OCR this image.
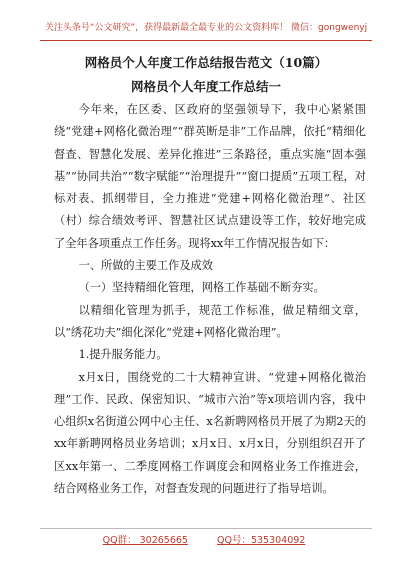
关注头条号“公文研究”，获得最新最全最专业的公文资料库！ 微信：gongwenyj
网格员个人年度工作总结报告范文（10篇）
网格员个人年度工作总结一

今年来，在区委、区政府的坚强领导下，我中心紧紧围绕“党建+网格化微治理”“群英断是非”工作品牌，依托“精细化督查、智慧化发展、差异化推进”三条路径，重点实施“固本强基”“协同共治”“数字赋能”“治理提升”“窗口提质”五项工程，对标对表、抓纲带目，全力推进“党建+网格化微治理”、社区（村）综合绩效考评、智慧社区试点建设等工作，较好地完成了全年各项重点工作任务。现将xx年工作情况报告如下：

一、所做的主要工作及成效

（一）坚持精细化管理，网格工作基础不断夯实。

以精细化管理为抓手，规范工作标准，做足精细文章，以“绣花功夫”细化深化“党建+网格化微治理”。

1.提升服务能力。

x月x日，围绕党的二十大精神宣讲、“党建+网格化微治理”工作、民政、保密知识、“城市六治”等x项培训内容，我中心组织x名街道公网中心主任、x名新聘网格员开展了为期2天的xx年新聘网格员业务培训；x月x日、x月x日，分别组织召开了区xx年第一、二季度网格工作调度会和网格业务工作推进会，结合网格业务工作，对督查发现的问题进行了指导培训。

QQ群： 30265665	QQ号：535304092
